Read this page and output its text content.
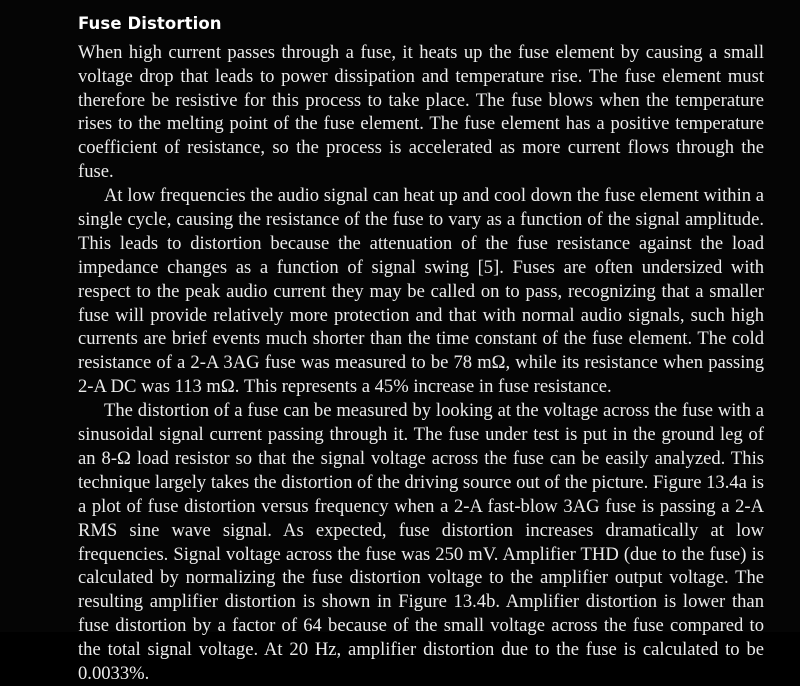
Fuse Distortion

When high current passes through a fuse, it heats up the fuse element by causing a small voltage drop that leads to power dissipation and temperature rise. The fuse element must therefore be resistive for this process to take place. The fuse blows when the temperature rises to the melting point of the fuse element. The fuse element has a positive temperature coefficient of resistance, so the process is accelerated as more current flows through the fuse.

At low frequencies the audio signal can heat up and cool down the fuse element within a single cycle, causing the resistance of the fuse to vary as a function of the signal amplitude. This leads to distortion because the attenuation of the fuse resistance against the load impedance changes as a function of signal swing [5]. Fuses are often undersized with respect to the peak audio current they may be called on to pass, recognizing that a smaller fuse will provide relatively more protection and that with normal audio signals, such high currents are brief events much shorter than the time constant of the fuse element. The cold resistance of a 2-A 3AG fuse was measured to be 78 mΩ, while its resistance when passing 2-A DC was 113 mΩ. This represents a 45% increase in fuse resistance.

The distortion of a fuse can be measured by looking at the voltage across the fuse with a sinusoidal signal current passing through it. The fuse under test is put in the ground leg of an 8-Ω load resistor so that the signal voltage across the fuse can be easily analyzed. This technique largely takes the distortion of the driving source out of the picture. Figure 13.4a is a plot of fuse distortion versus frequency when a 2-A fast-blow 3AG fuse is passing a 2-A RMS sine wave signal. As expected, fuse distortion increases dramatically at low frequencies. Signal voltage across the fuse was 250 mV. Amplifier THD (due to the fuse) is calculated by normalizing the fuse distortion voltage to the amplifier output voltage. The resulting amplifier distortion is shown in Figure 13.4b. Amplifier distortion is lower than fuse distortion by a factor of 64 because of the small voltage across the fuse compared to the total signal voltage. At 20 Hz, amplifier distortion due to the fuse is calculated to be 0.0033%.
